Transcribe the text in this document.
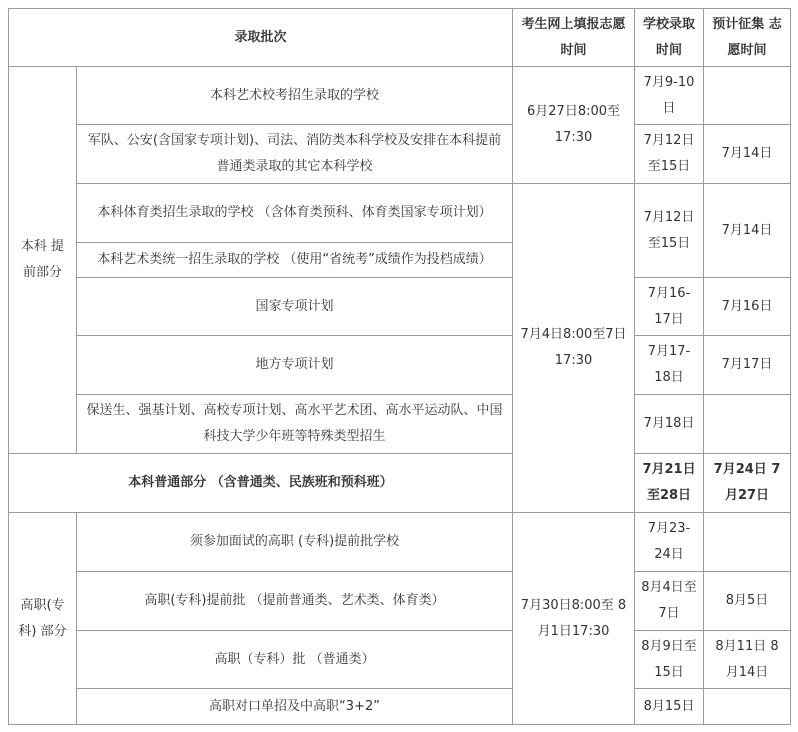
录取批次		考生网上填报志愿时间	学校录取时间	预计征集 志愿时间
本科 提前部分	本科艺术校考招生录取的学校	6月27日8:00至17:30	7月9-10日	
	军队、公安(含国家专项计划)、司法、消防类本科学校及安排在本科提前普通类录取的其它本科学校		7月12日至15日	7月14日
	本科体育类招生录取的学校 （含体育类预科、体育类国家专项计划）	7月4日8:00至7日17:30	7月12日至15日	7月14日
	本科艺术类统一招生录取的学校 （使用“省统考”成绩作为投档成绩）			
	国家专项计划		7月16-17日	7月16日
	地方专项计划		7月17-18日	7月17日
	保送生、强基计划、高校专项计划、高水平艺术团、高水平运动队、中国科技大学少年班等特殊类型招生		7月18日	
本科普通部分 （含普通类、民族班和预科班）			7月21日至28日	7月24日 7月27日
高职(专科) 部分	须参加面试的高职 (专科)提前批学校	7月30日8:00至 8月1日17:30	7月23-24日	
	高职(专科)提前批 （提前普通类、艺术类、体育类）		8月4日至7日	8月5日
	高职（专科）批 （普通类）		8月9日至15日	8月11日 8月14日
	高职对口单招及中高职“3+2”		8月15日	
